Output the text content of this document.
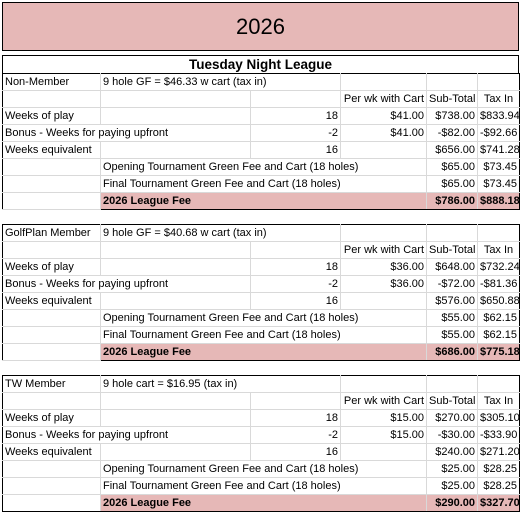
2026
Tuesday Night League
Non-Member	9 hole GF = $46.33 w cart (tax in)				
			Per wk with Cart	Sub-Total	Tax In
Weeks of play		18	$41.00	$738.00	$833.94
Bonus - Weeks for paying upfront		-2	$41.00	-$82.00	-$92.66
Weeks equivalent		16		$656.00	$741.28
	Opening Tournament Green Fee and Cart (18 holes)			$65.00	$73.45
	Final Tournament Green Fee and Cart (18 holes)			$65.00	$73.45
	2026 League Fee			$786.00	$888.18

GolfPlan Member	9 hole GF = $40.68 w cart (tax in)				
			Per wk with Cart	Sub-Total	Tax In
Weeks of play		18	$36.00	$648.00	$732.24
Bonus - Weeks for paying upfront		-2	$36.00	-$72.00	-$81.36
Weeks equivalent		16		$576.00	$650.88
	Opening Tournament Green Fee and Cart (18 holes)			$55.00	$62.15
	Final Tournament Green Fee and Cart (18 holes)			$55.00	$62.15
	2026 League Fee			$686.00	$775.18

TW Member	9 hole cart = $16.95 (tax in)				
			Per wk with Cart	Sub-Total	Tax In
Weeks of play		18	$15.00	$270.00	$305.10
Bonus - Weeks for paying upfront		-2	$15.00	-$30.00	-$33.90
Weeks equivalent		16		$240.00	$271.20
	Opening Tournament Green Fee and Cart (18 holes)			$25.00	$28.25
	Final Tournament Green Fee and Cart (18 holes)			$25.00	$28.25
	2026 League Fee			$290.00	$327.70
